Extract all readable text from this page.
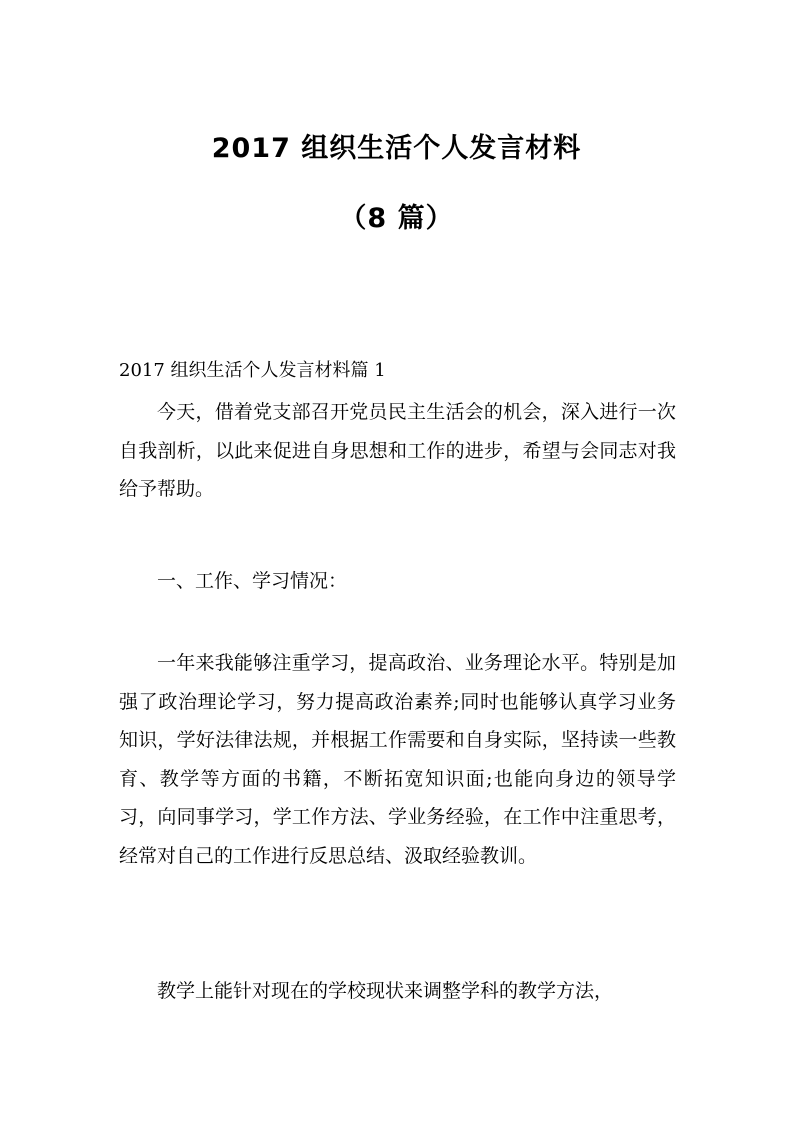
2017 组织生活个人发言材料
（8 篇）

2017 组织生活个人发言材料篇 1

今天，借着党支部召开党员民主生活会的机会，深入进行一次自我剖析，以此来促进自身思想和工作的进步，希望与会同志对我给予帮助。

一、工作、学习情况：

一年来我能够注重学习，提高政治、业务理论水平。特别是加强了政治理论学习，努力提高政治素养;同时也能够认真学习业务知识，学好法律法规，并根据工作需要和自身实际，坚持读一些教育、教学等方面的书籍，不断拓宽知识面;也能向身边的领导学习，向同事学习，学工作方法、学业务经验，在工作中注重思考，经常对自己的工作进行反思总结、汲取经验教训。

教学上能针对现在的学校现状来调整学科的教学方法，
